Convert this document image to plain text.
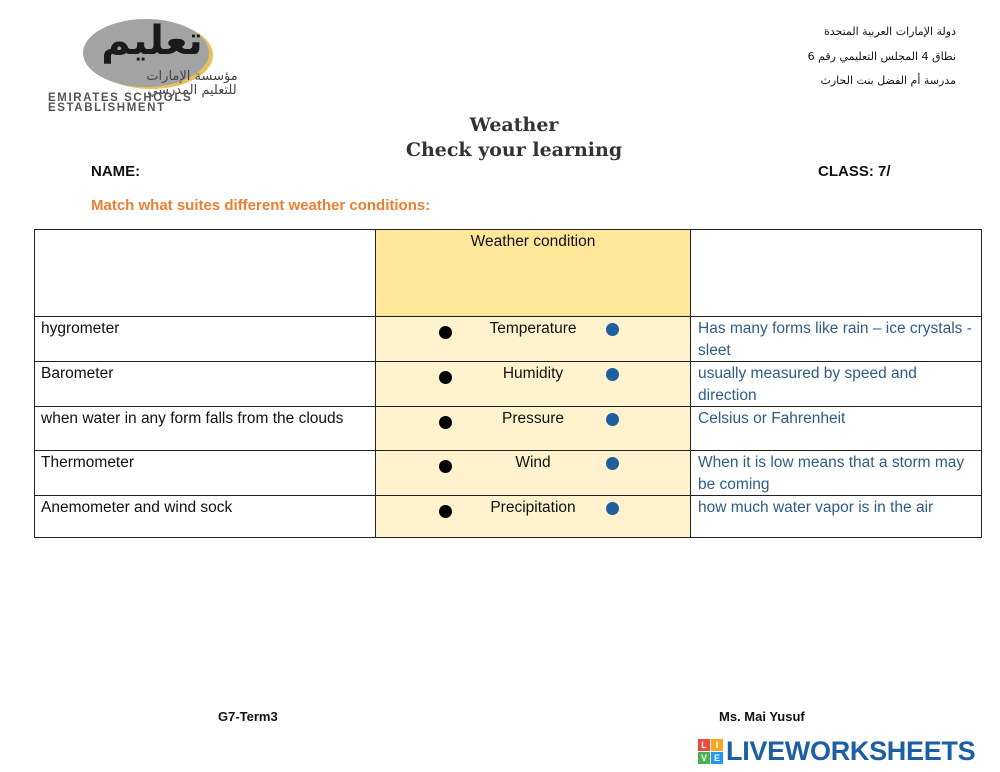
تعليم
مؤسسة الإمارات
للتعليم المدرسي
EMIRATES SCHOOLS
ESTABLISHMENT
دولة الإمارات العربية المتحدة
نطاق 4 المجلس التعليمي رقم 6
مدرسة أم الفضل بنت الحارث
Weather
Check your learning
NAME:	CLASS: 7/
Match what suites different weather conditions:

	Weather condition	

hygrometer	Temperature	Has many forms like rain – ice crystals - sleet
Barometer	Humidity	usually measured by speed and direction
when water in any form falls from the clouds	Pressure	Celsius or Fahrenheit
Thermometer	Wind	When it is low means that a storm may be coming
Anemometer and wind sock	Precipitation	how much water vapor is in the air
G7-Term3	Ms. Mai Yusuf
L I
V E LIVEWORKSHEETS
